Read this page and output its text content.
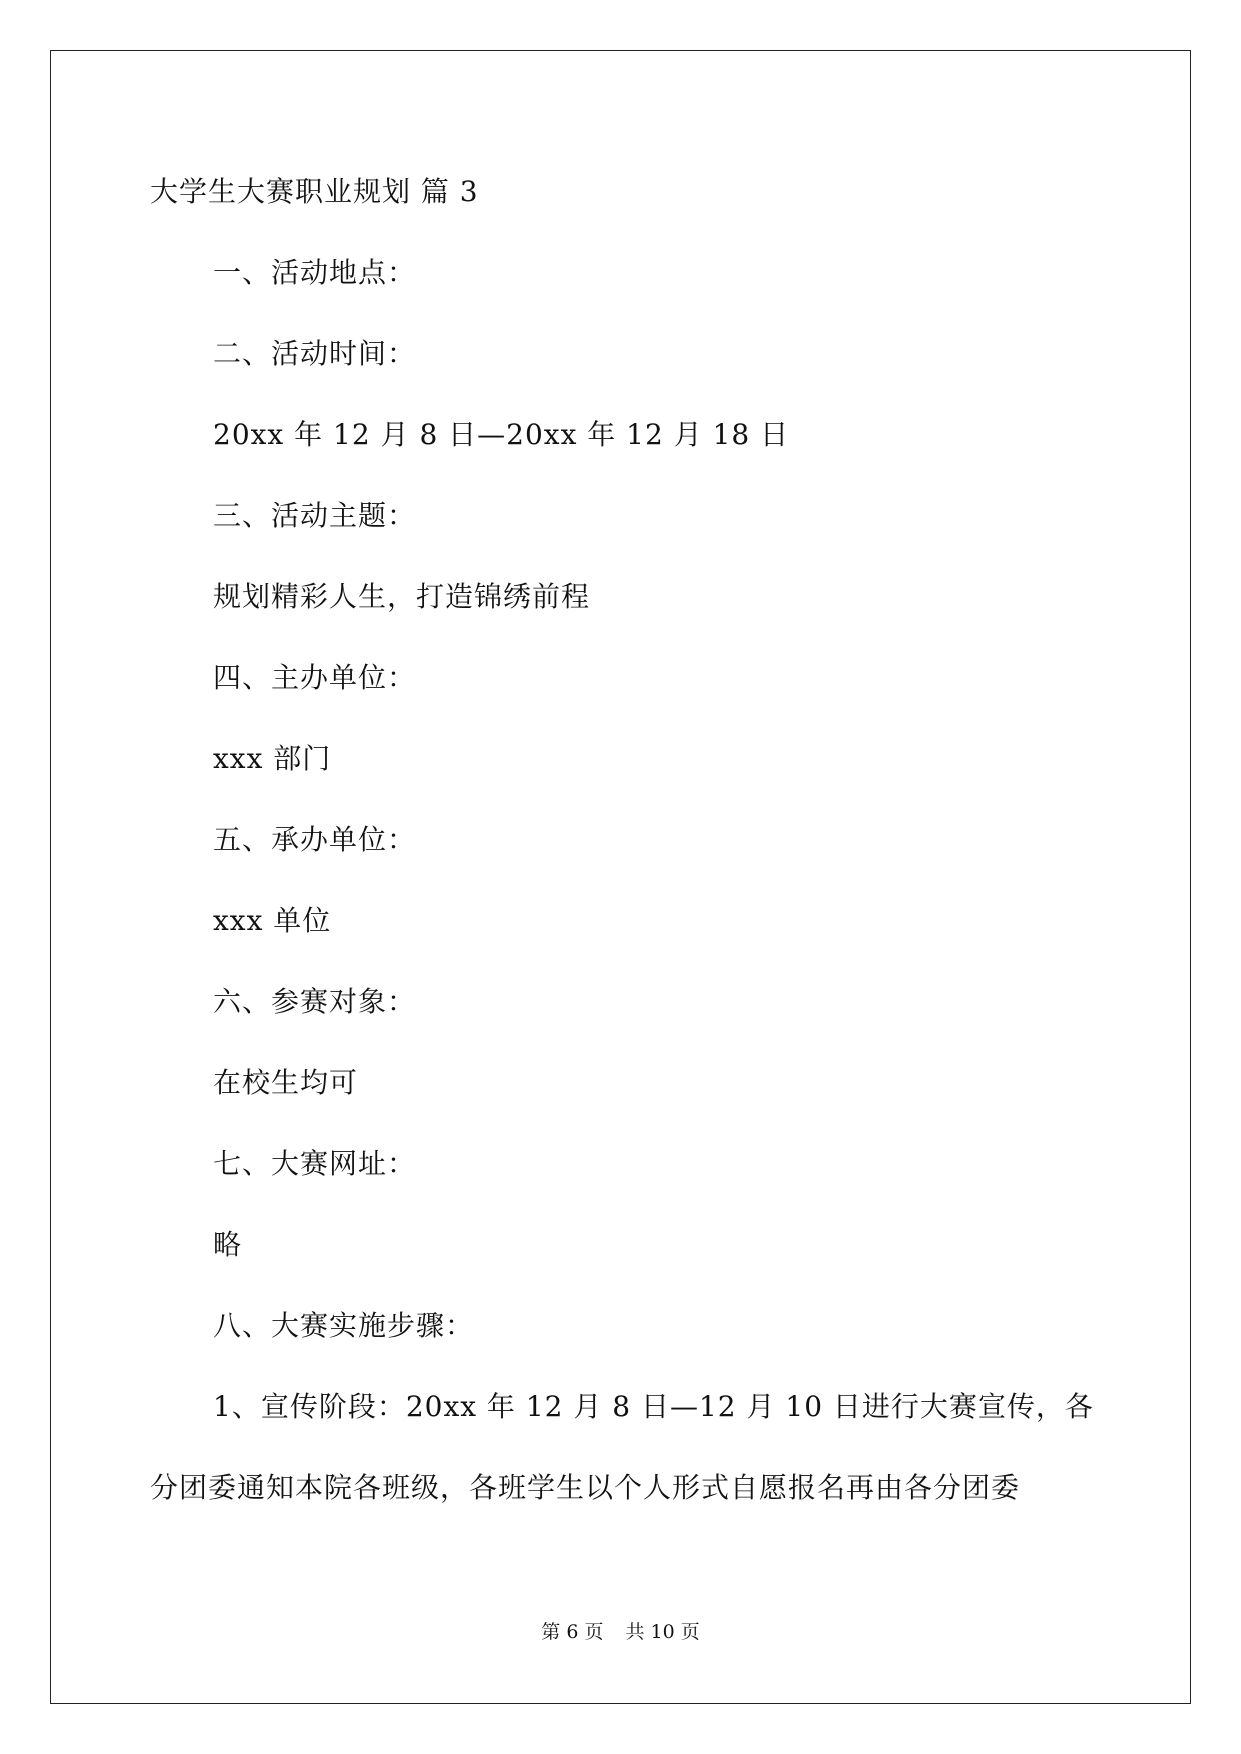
大学生大赛职业规划 篇 3
一、活动地点：
二、活动时间：
20xx 年 12 月 8 日—20xx 年 12 月 18 日
三、活动主题：
规划精彩人生，打造锦绣前程
四、主办单位：
xxx 部门
五、承办单位：
xxx 单位
六、参赛对象：
在校生均可
七、大赛网址：
略
八、大赛实施步骤：
1、宣传阶段：20xx 年 12 月 8 日—12 月 10 日进行大赛宣传，各
分团委通知本院各班级，各班学生以个人形式自愿报名再由各分团委
第 6 页 共 10 页
